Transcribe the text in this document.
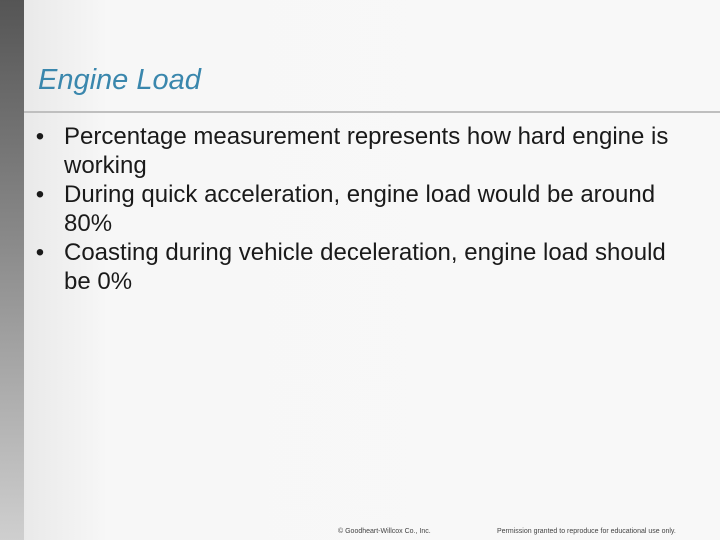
Engine Load
• Percentage measurement represents how hard engine is working
• During quick acceleration, engine load would be around 80%
• Coasting during vehicle deceleration, engine load should be 0%
© Goodheart-Willcox Co., Inc.	Permission granted to reproduce for educational use only.
